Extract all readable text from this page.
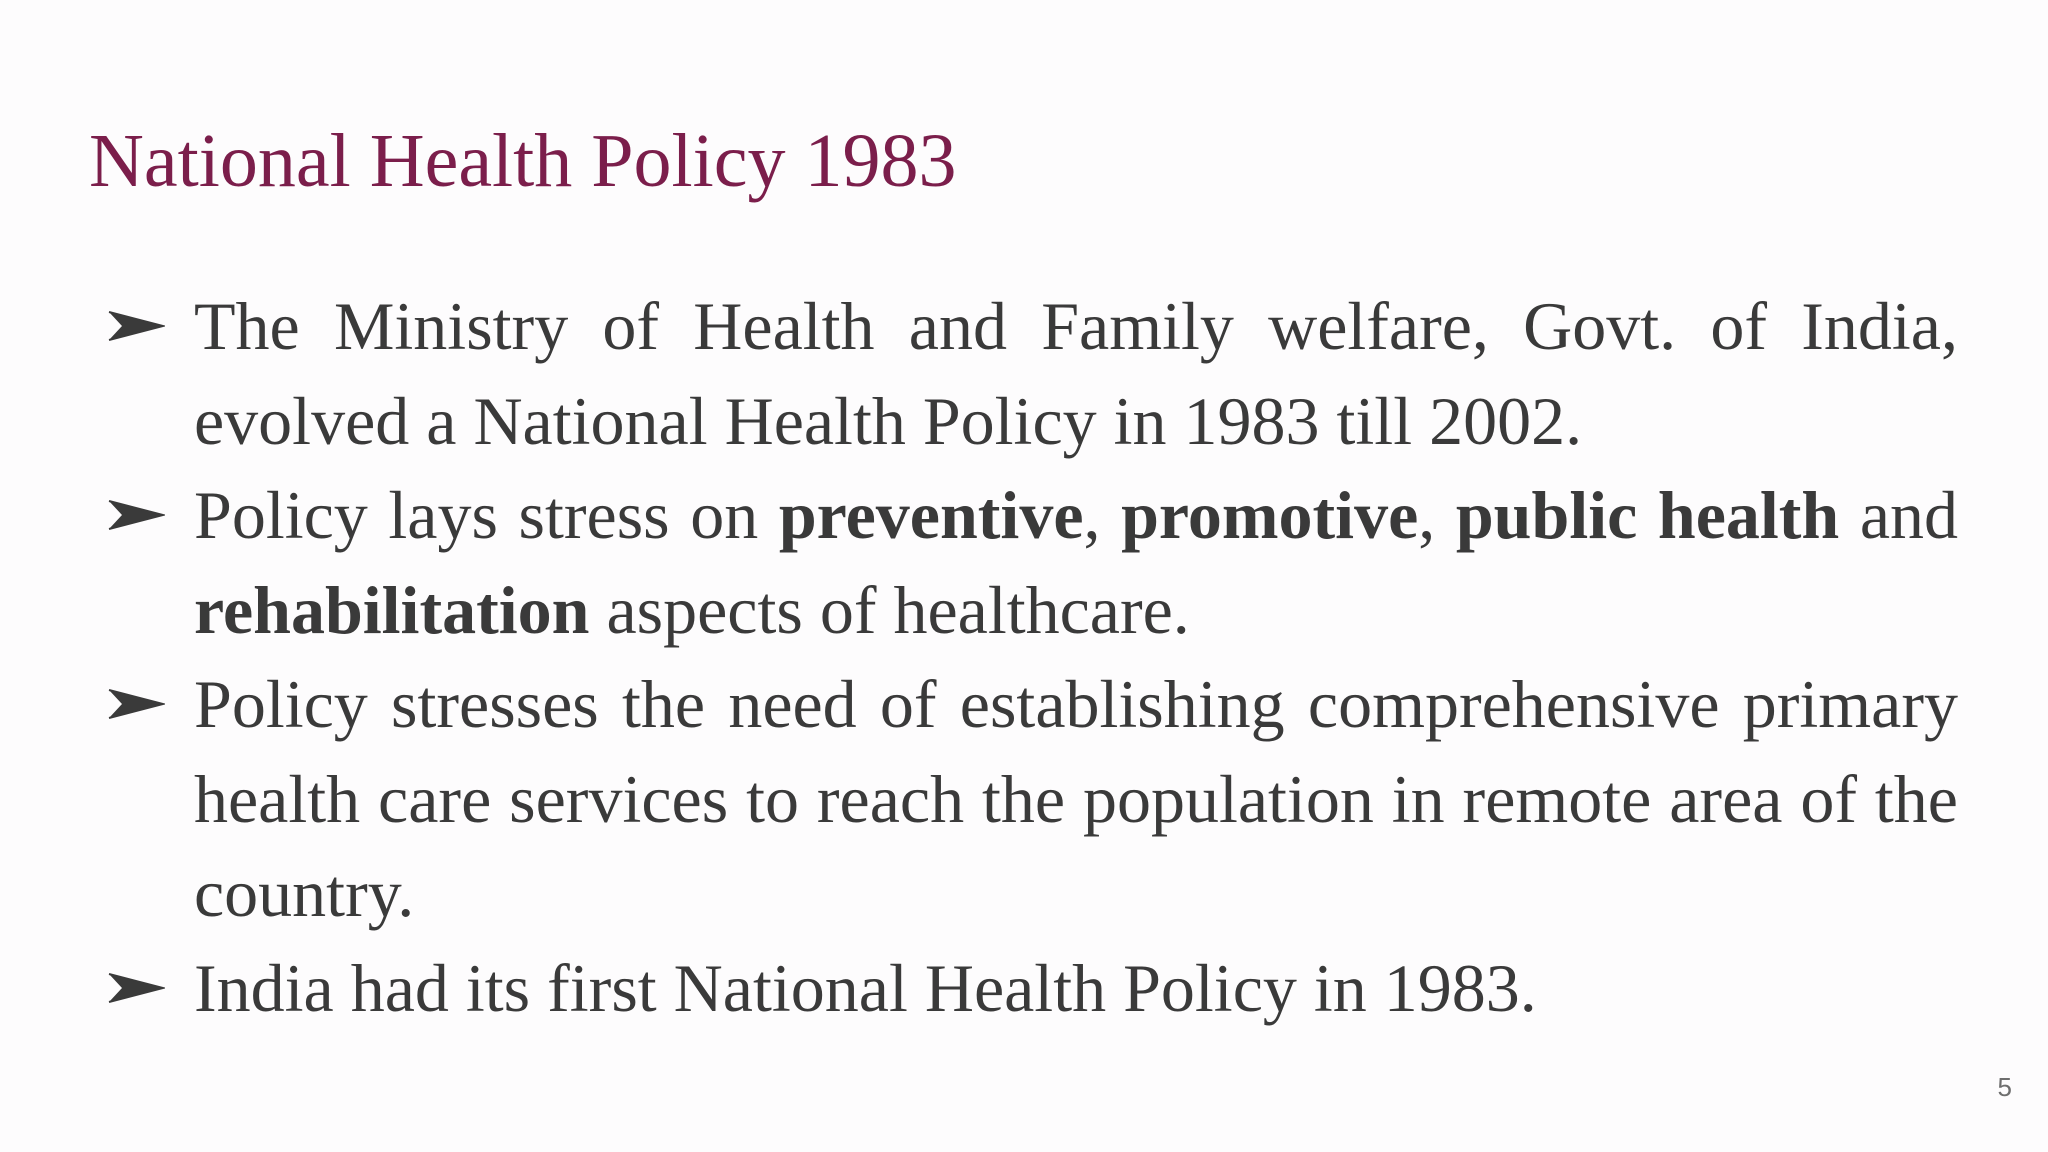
National Health Policy 1983
The Ministry of Health and Family welfare, Govt. of India, evolved a National Health Policy in 1983 till 2002.
Policy lays stress on preventive, promotive, public health and rehabilitation aspects of healthcare.
Policy stresses the need of establishing comprehensive primary health care services to reach the population in remote area of the country.
India had its first National Health Policy in 1983.
5
